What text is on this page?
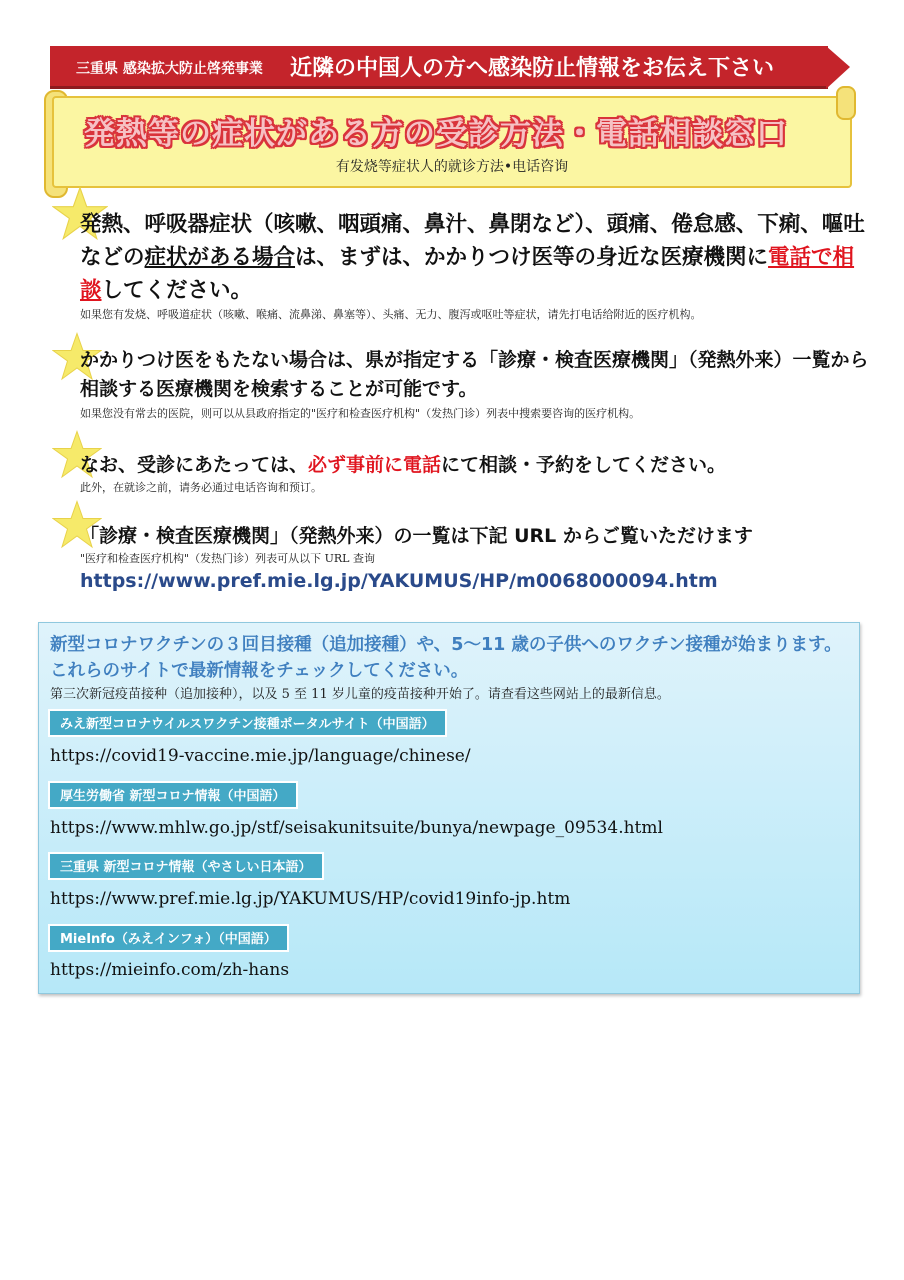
三重県 感染拡大防止啓発事業 近隣の中国人の方へ感染防止情報をお伝え下さい
発熱等の症状がある方の受診方法・電話相談窓口
有发烧等症状人的就诊方法•电话咨询
発熱、呼吸器症状（咳嗽、咽頭痛、鼻汁、鼻閉など）、頭痛、倦怠感、下痢、嘔吐などの症状がある場合は、まずは、かかりつけ医等の身近な医療機関に電話で相談してください。
如果您有发烧、呼吸道症状（咳嗽、喉痛、流鼻涕、鼻塞等）、头痛、无力、腹泻或呕吐等症状，请先打电话给附近的医疗机构。
かかりつけ医をもたない場合は、県が指定する「診療・検査医療機関」（発熱外来）一覧から相談する医療機関を検索することが可能です。
如果您没有常去的医院，则可以从县政府指定的"医疗和检查医疗机构"（发热门诊）列表中搜索要咨询的医疗机构。
なお、受診にあたっては、必ず事前に電話にて相談・予約をしてください。
此外，在就诊之前，请务必通过电话咨询和预订。
「診療・検査医療機関」（発熱外来）の一覧は下記 URL からご覧いただけます
"医疗和检查医疗机构"（发热门诊）列表可从以下 URL 查询
https://www.pref.mie.lg.jp/YAKUMUS/HP/m0068000094.htm
新型コロナワクチンの３回目接種（追加接種）や、5～11 歳の子供へのワクチン接種が始まります。これらのサイトで最新情報をチェックしてください。
第三次新冠疫苗接种（追加接种），以及 5 至 11 岁儿童的疫苗接种开始了。请查看这些网站上的最新信息。
みえ新型コロナウイルスワクチン接種ポータルサイト（中国語）
https://covid19-vaccine.mie.jp/language/chinese/
厚生労働省 新型コロナ情報（中国語）
https://www.mhlw.go.jp/stf/seisakunitsuite/bunya/newpage_09534.html
三重県 新型コロナ情報（やさしい日本語）
https://www.pref.mie.lg.jp/YAKUMUS/HP/covid19info-jp.htm
MieInfo（みえインフォ）（中国語）
https://mieinfo.com/zh-hans
